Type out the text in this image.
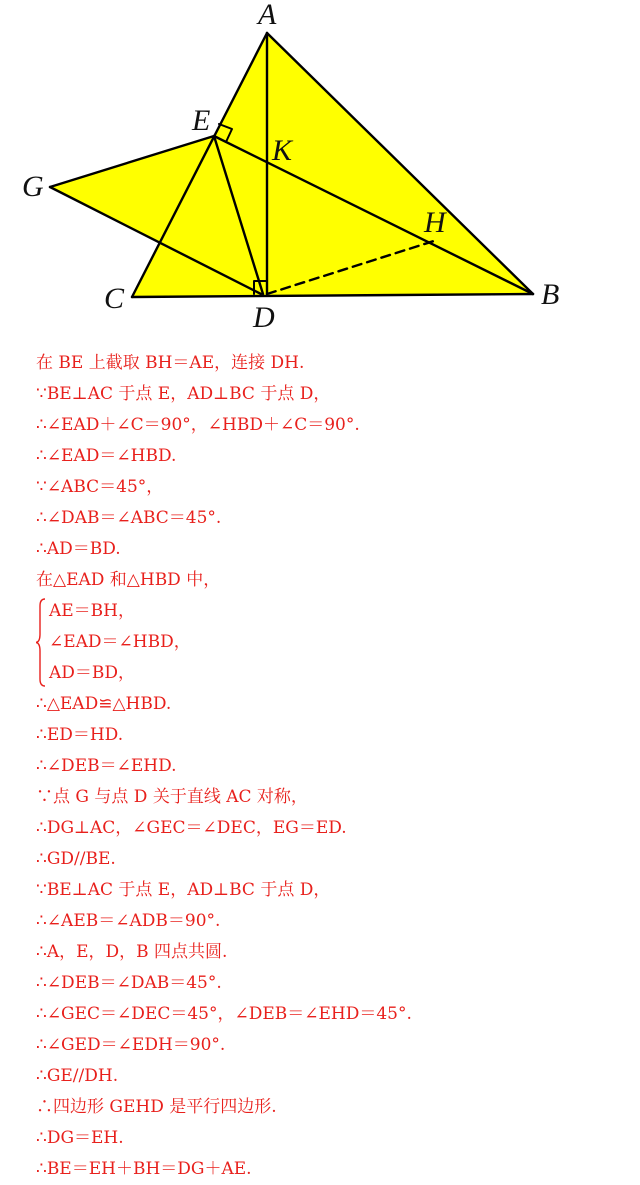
A
E
K
G
H
C
D
B
在 BE 上截取 BH＝AE，连接 DH.
∵BE⊥AC 于点 E，AD⊥BC 于点 D，
∴∠EAD＋∠C＝90°，∠HBD＋∠C＝90°.
∴∠EAD＝∠HBD.
∵∠ABC＝45°，
∴∠DAB＝∠ABC＝45°.
∴AD＝BD.
在△EAD 和△HBD 中，
AE＝BH，
∠EAD＝∠HBD，
AD＝BD，
∴△EAD≌△HBD.
∴ED＝HD.
∴∠DEB＝∠EHD.
∵点 G 与点 D 关于直线 AC 对称，
∴DG⊥AC，∠GEC＝∠DEC，EG＝ED.
∴GD//BE.
∵BE⊥AC 于点 E，AD⊥BC 于点 D，
∴∠AEB＝∠ADB＝90°.
∴A，E，D，B 四点共圆.
∴∠DEB＝∠DAB＝45°.
∴∠GEC＝∠DEC＝45°，∠DEB＝∠EHD＝45°.
∴∠GED＝∠EDH＝90°.
∴GE//DH.
∴四边形 GEHD 是平行四边形.
∴DG＝EH.
∴BE＝EH＋BH＝DG＋AE.
